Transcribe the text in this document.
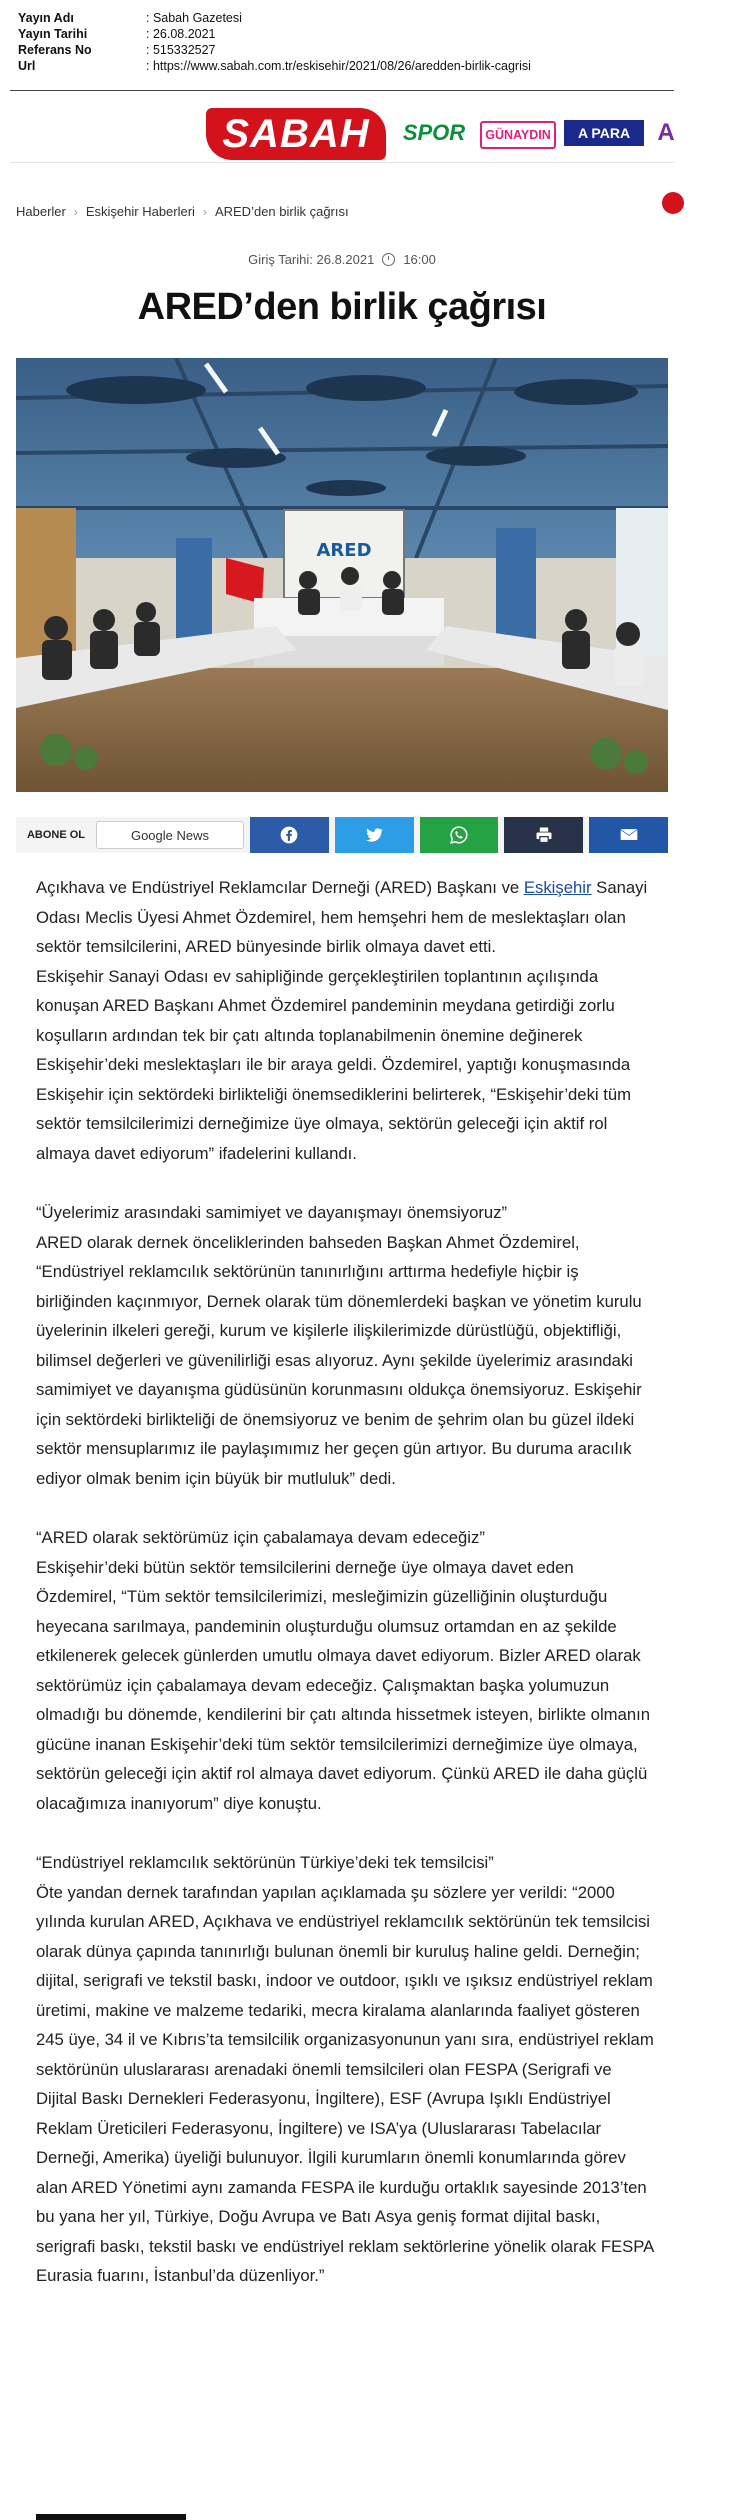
Yayın Adı	: Sabah Gazetesi
Yayın Tarihi	: 26.08.2021
Referans No	: 515332527
Url	: https://www.sabah.com.tr/eskisehir/2021/08/26/aredden-birlik-cagrisi
SABAH	SPOR	GÜNAYDIN	A PARA	A
Haberler › Eskişehir Haberleri › ARED’den birlik çağrısı
Giriş Tarihi: 26.8.2021 16:00
ARED’den birlik çağrısı
ARED
ABONE OL	Google News

Açıkhava ve Endüstriyel Reklamcılar Derneği (ARED) Başkanı ve Eskişehir Sanayi Odası Meclis Üyesi Ahmet Özdemirel, hem hemşehri hem de meslektaşları olan sektör temsilcilerini, ARED bünyesinde birlik olmaya davet etti.

Eskişehir Sanayi Odası ev sahipliğinde gerçekleştirilen toplantının açılışında konuşan ARED Başkanı Ahmet Özdemirel pandeminin meydana getirdiği zorlu koşulların ardından tek bir çatı altında toplanabilmenin önemine değinerek Eskişehir’deki meslektaşları ile bir araya geldi. Özdemirel, yaptığı konuşmasında Eskişehir için sektördeki birlikteliği önemsediklerini belirterek, “Eskişehir’deki tüm sektör temsilcilerimizi derneğimize üye olmaya, sektörün geleceği için aktif rol almaya davet ediyorum” ifadelerini kullandı.

“Üyelerimiz arasındaki samimiyet ve dayanışmayı önemsiyoruz”

ARED olarak dernek önceliklerinden bahseden Başkan Ahmet Özdemirel, “Endüstriyel reklamcılık sektörünün tanınırlığını arttırma hedefiyle hiçbir iş birliğinden kaçınmıyor, Dernek olarak tüm dönemlerdeki başkan ve yönetim kurulu üyelerinin ilkeleri gereği, kurum ve kişilerle ilişkilerimizde dürüstlüğü, objektifliği, bilimsel değerleri ve güvenilirliği esas alıyoruz. Aynı şekilde üyelerimiz arasındaki samimiyet ve dayanışma güdüsünün korunmasını oldukça önemsiyoruz. Eskişehir için sektördeki birlikteliği de önemsiyoruz ve benim de şehrim olan bu güzel ildeki sektör mensuplarımız ile paylaşımımız her geçen gün artıyor. Bu duruma aracılık ediyor olmak benim için büyük bir mutluluk” dedi.

“ARED olarak sektörümüz için çabalamaya devam edeceğiz”

Eskişehir’deki bütün sektör temsilcilerini derneğe üye olmaya davet eden Özdemirel, “Tüm sektör temsilcilerimizi, mesleğimizin güzelliğinin oluşturduğu heyecana sarılmaya, pandeminin oluşturduğu olumsuz ortamdan en az şekilde etkilenerek gelecek günlerden umutlu olmaya davet ediyorum. Bizler ARED olarak sektörümüz için çabalamaya devam edeceğiz. Çalışmaktan başka yolumuzun olmadığı bu dönemde, kendilerini bir çatı altında hissetmek isteyen, birlikte olmanın gücüne inanan Eskişehir’deki tüm sektör temsilcilerimizi derneğimize üye olmaya, sektörün geleceği için aktif rol almaya davet ediyorum. Çünkü ARED ile daha güçlü olacağımıza inanıyorum” diye konuştu.

“Endüstriyel reklamcılık sektörünün Türkiye’deki tek temsilcisi”

Öte yandan dernek tarafından yapılan açıklamada şu sözlere yer verildi: “2000 yılında kurulan ARED, Açıkhava ve endüstriyel reklamcılık sektörünün tek temsilcisi olarak dünya çapında tanınırlığı bulunan önemli bir kuruluş haline geldi. Derneğin; dijital, serigrafi ve tekstil baskı, indoor ve outdoor, ışıklı ve ışıksız endüstriyel reklam üretimi, makine ve malzeme tedariki, mecra kiralama alanlarında faaliyet gösteren 245 üye, 34 il ve Kıbrıs’ta temsilcilik organizasyonunun yanı sıra, endüstriyel reklam sektörünün uluslararası arenadaki önemli temsilcileri olan FESPA (Serigrafi ve Dijital Baskı Dernekleri Federasyonu, İngiltere), ESF (Avrupa Işıklı Endüstriyel Reklam Üreticileri Federasyonu, İngiltere) ve ISA’ya (Uluslararası Tabelacılar Derneği, Amerika) üyeliği bulunuyor. İlgili kurumların önemli konumlarında görev alan ARED Yönetimi aynı zamanda FESPA ile kurduğu ortaklık sayesinde 2013’ten bu yana her yıl, Türkiye, Doğu Avrupa ve Batı Asya geniş format dijital baskı, serigrafi baskı, tekstil baskı ve endüstriyel reklam sektörlerine yönelik olarak FESPA Eurasia fuarını, İstanbul’da düzenliyor.”
